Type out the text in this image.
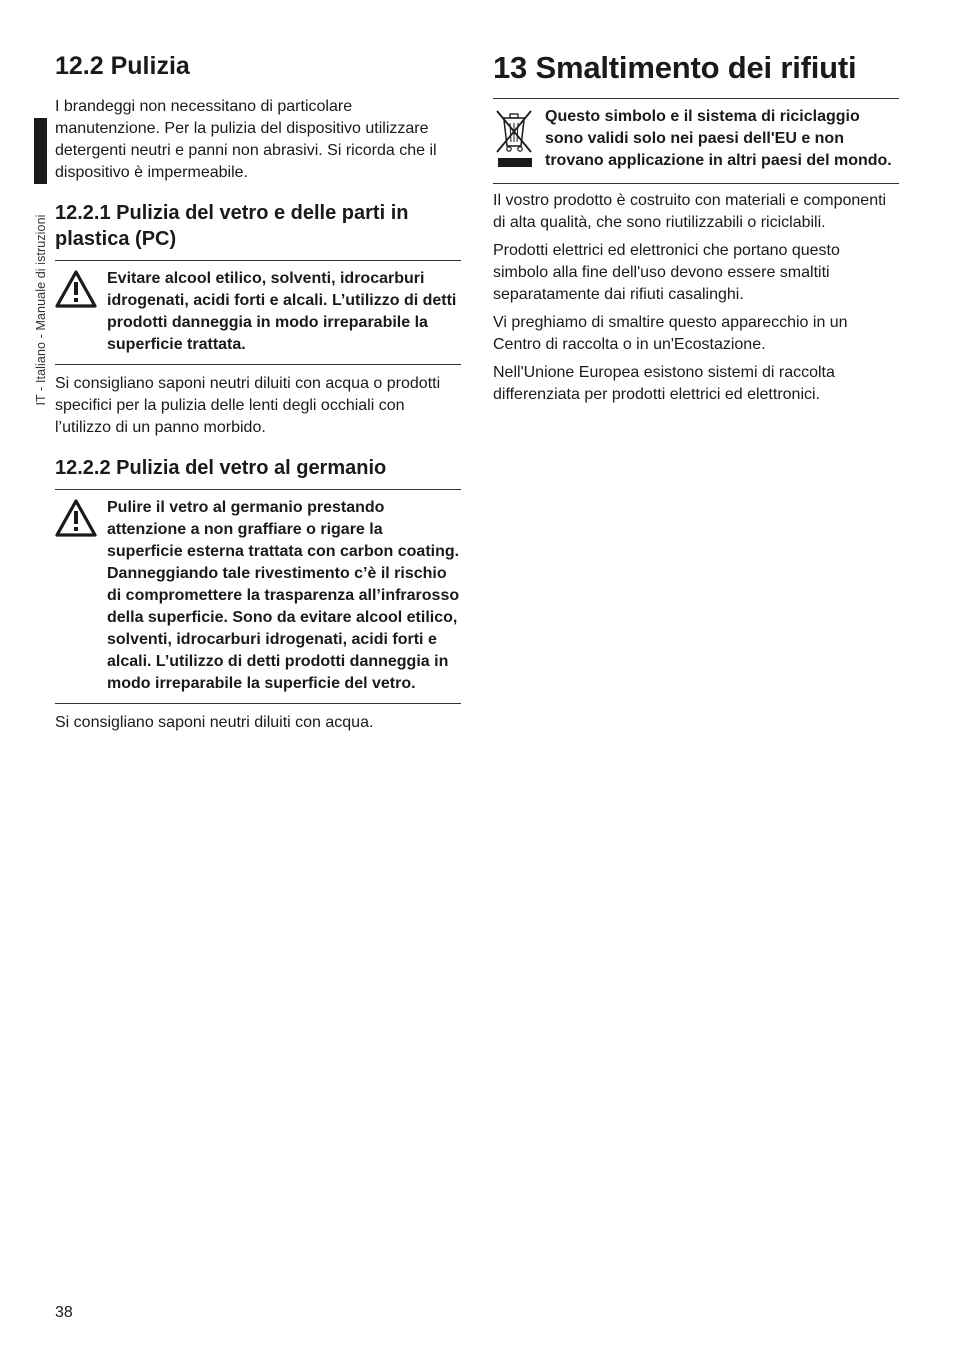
IT - Italiano - Manuale di istruzioni
12.2 Pulizia

I brandeggi non necessitano di particolare manutenzione. Per la pulizia del dispositivo utilizzare detergenti neutri e panni non abrasivi. Si ricorda che il dispositivo è impermeabile.

12.2.1 Pulizia del vetro e delle parti in plastica (PC)
Evitare alcool etilico, solventi, idrocarburi idrogenati, acidi forti e alcali. L’utilizzo di detti prodotti danneggia in modo irreparabile la superficie trattata.

Si consigliano saponi neutri diluiti con acqua o prodotti specifici per la pulizia delle lenti degli occhiali con l’utilizzo di un panno morbido.

12.2.2 Pulizia del vetro al germanio
Pulire il vetro al germanio prestando attenzione a non graffiare o rigare la superficie esterna trattata con carbon coating. Danneggiando tale rivestimento c’è il rischio di compromettere la trasparenza all’infrarosso della superficie. Sono da evitare alcool etilico, solventi, idrocarburi idrogenati, acidi forti e alcali. L’utilizzo di detti prodotti danneggia in modo irreparabile la superficie del vetro.

Si consigliano saponi neutri diluiti con acqua.

13 Smaltimento dei rifiuti
Questo simbolo e il sistema di riciclaggio sono validi solo nei paesi dell'EU e non trovano applicazione in altri paesi del mondo.

Il vostro prodotto è costruito con materiali e componenti di alta qualità, che sono riutilizzabili o riciclabili.

Prodotti elettrici ed elettronici che portano questo simbolo alla fine dell'uso devono essere smaltiti separatamente dai rifiuti casalinghi.

Vi preghiamo di smaltire questo apparecchio in un Centro di raccolta o in un'Ecostazione.

Nell'Unione Europea esistono sistemi di raccolta differenziata per prodotti elettrici ed elettronici.

38
